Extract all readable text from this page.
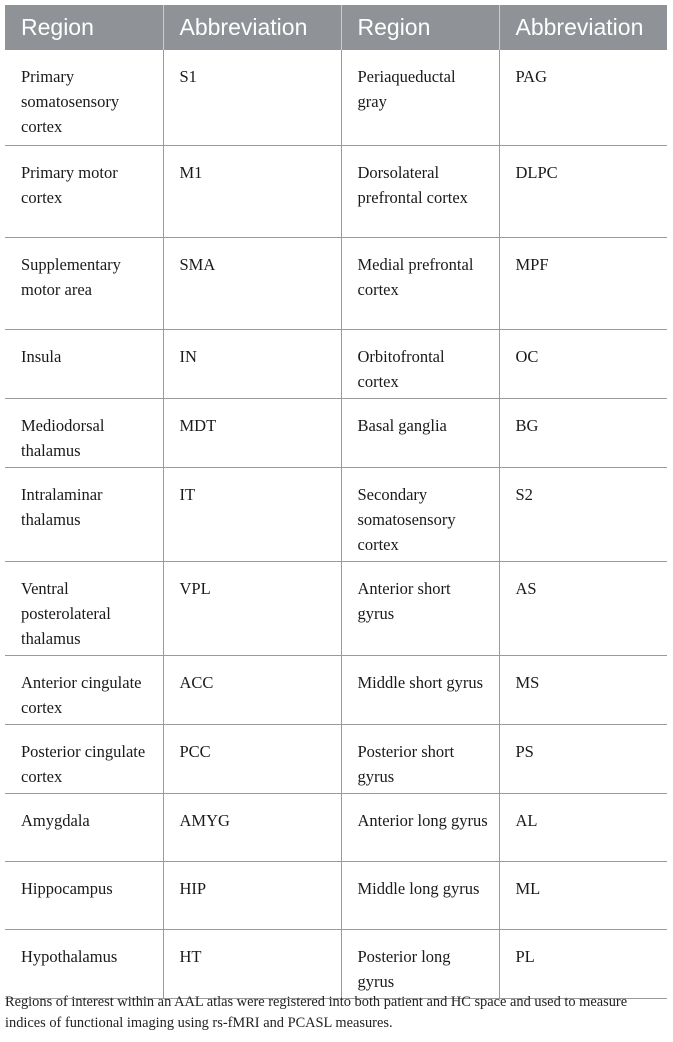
Region	Abbreviation	Region	Abbreviation
Primary somatosensory cortex	S1	Periaqueductal gray	PAG
Primary motor cortex	M1	Dorsolateral prefrontal cortex	DLPC
Supplementary motor area	SMA	Medial prefrontal cortex	MPF
Insula	IN	Orbitofrontal cortex	OC
Mediodorsal thalamus	MDT	Basal ganglia	BG
Intralaminar thalamus	IT	Secondary somatosensory cortex	S2
Ventral posterolateral thalamus	VPL	Anterior short gyrus	AS
Anterior cingulate cortex	ACC	Middle short gyrus	MS
Posterior cingulate cortex	PCC	Posterior short gyrus	PS
Amygdala	AMYG	Anterior long gyrus	AL
Hippocampus	HIP	Middle long gyrus	ML
Hypothalamus	HT	Posterior long gyrus	PL

Regions of interest within an AAL atlas were registered into both patient and HC space and used to measure indices of functional imaging using rs-fMRI and PCASL measures.
